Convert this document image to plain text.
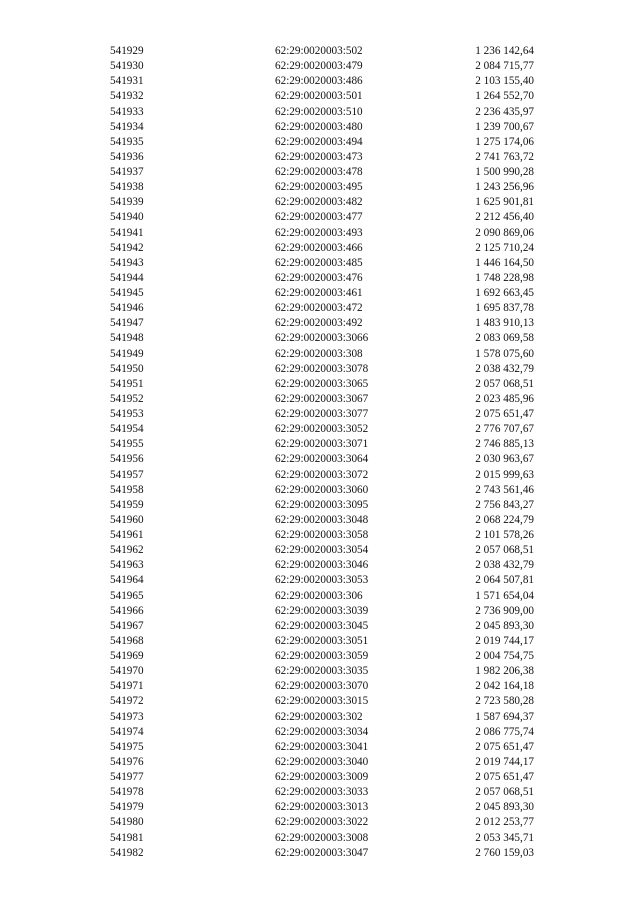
541929	62:29:0020003:502	1 236 142,64
541930	62:29:0020003:479	2 084 715,77
541931	62:29:0020003:486	2 103 155,40
541932	62:29:0020003:501	1 264 552,70
541933	62:29:0020003:510	2 236 435,97
541934	62:29:0020003:480	1 239 700,67
541935	62:29:0020003:494	1 275 174,06
541936	62:29:0020003:473	2 741 763,72
541937	62:29:0020003:478	1 500 990,28
541938	62:29:0020003:495	1 243 256,96
541939	62:29:0020003:482	1 625 901,81
541940	62:29:0020003:477	2 212 456,40
541941	62:29:0020003:493	2 090 869,06
541942	62:29:0020003:466	2 125 710,24
541943	62:29:0020003:485	1 446 164,50
541944	62:29:0020003:476	1 748 228,98
541945	62:29:0020003:461	1 692 663,45
541946	62:29:0020003:472	1 695 837,78
541947	62:29:0020003:492	1 483 910,13
541948	62:29:0020003:3066	2 083 069,58
541949	62:29:0020003:308	1 578 075,60
541950	62:29:0020003:3078	2 038 432,79
541951	62:29:0020003:3065	2 057 068,51
541952	62:29:0020003:3067	2 023 485,96
541953	62:29:0020003:3077	2 075 651,47
541954	62:29:0020003:3052	2 776 707,67
541955	62:29:0020003:3071	2 746 885,13
541956	62:29:0020003:3064	2 030 963,67
541957	62:29:0020003:3072	2 015 999,63
541958	62:29:0020003:3060	2 743 561,46
541959	62:29:0020003:3095	2 756 843,27
541960	62:29:0020003:3048	2 068 224,79
541961	62:29:0020003:3058	2 101 578,26
541962	62:29:0020003:3054	2 057 068,51
541963	62:29:0020003:3046	2 038 432,79
541964	62:29:0020003:3053	2 064 507,81
541965	62:29:0020003:306	1 571 654,04
541966	62:29:0020003:3039	2 736 909,00
541967	62:29:0020003:3045	2 045 893,30
541968	62:29:0020003:3051	2 019 744,17
541969	62:29:0020003:3059	2 004 754,75
541970	62:29:0020003:3035	1 982 206,38
541971	62:29:0020003:3070	2 042 164,18
541972	62:29:0020003:3015	2 723 580,28
541973	62:29:0020003:302	1 587 694,37
541974	62:29:0020003:3034	2 086 775,74
541975	62:29:0020003:3041	2 075 651,47
541976	62:29:0020003:3040	2 019 744,17
541977	62:29:0020003:3009	2 075 651,47
541978	62:29:0020003:3033	2 057 068,51
541979	62:29:0020003:3013	2 045 893,30
541980	62:29:0020003:3022	2 012 253,77
541981	62:29:0020003:3008	2 053 345,71
541982	62:29:0020003:3047	2 760 159,03
